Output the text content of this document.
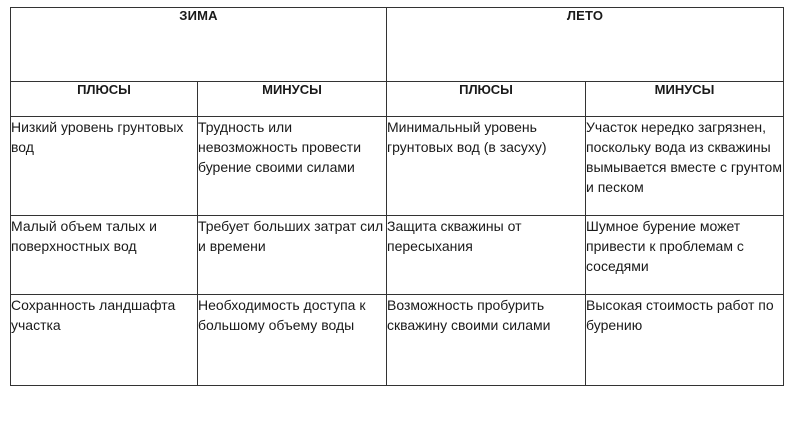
ЗИМА		ЛЕТО	
ПЛЮСЫ	МИНУСЫ	ПЛЮСЫ	МИНУСЫ

Низкий уровень грунтовых вод	Трудность или невозможность провести бурение своими силами	Минимальный уровень грунтовых вод (в засуху)	Участок нередко загрязнен, поскольку вода из скважины вымывается вместе с грунтом и песком

Малый объем талых и поверхностных вод	Требует больших затрат сил и времени	Защита скважины от пересыхания	Шумное бурение может привести к проблемам с соседями

Сохранность ландшафта участка	Необходимость доступа к большому объему воды	Возможность пробурить скважину своими силами	Высокая стоимость работ по бурению
